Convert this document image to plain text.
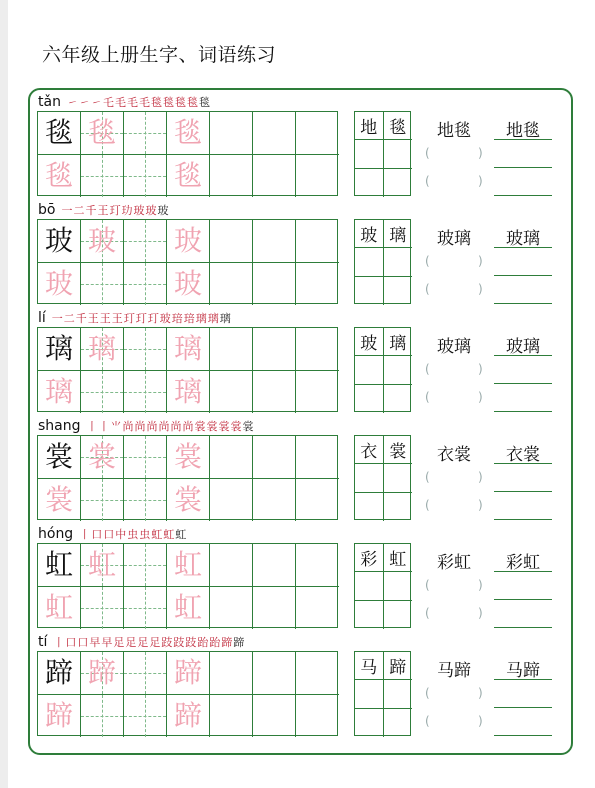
六年级上册生字、词语练习
tǎn ㇀㇀㇀乇毛毛毛毯毯毯毯毯
毯 毯 毯
毯	毯
地 毯	地毯
(	)
(	)
地毯
bō 一二千王玎玏玻玻玻
玻 玻 玻
玻	玻
玻 璃	玻璃
(	)
(	)
玻璃
lí 一二千王王王玎玎玎玻琣琣璃璃璃
璃 璃 璃
璃	璃
玻 璃	玻璃
(	)
(	)
玻璃
shang 丨丨⺌尚尚尚尚尚尚裳裳裳裳裳
裳 裳 裳
裳	裳
衣 裳	衣裳
(	)
(	)
衣裳
hóng 丨口口中虫虫虹虹虹
虹 虹 虹
虹	虹
彩 虹	彩虹
(	)
(	)
彩虹
tí 丨口口早早足足足足跂跂跂跆跆蹄蹄
蹄 蹄 蹄
蹄	蹄
马 蹄	马蹄
(	)
(	)
马蹄
